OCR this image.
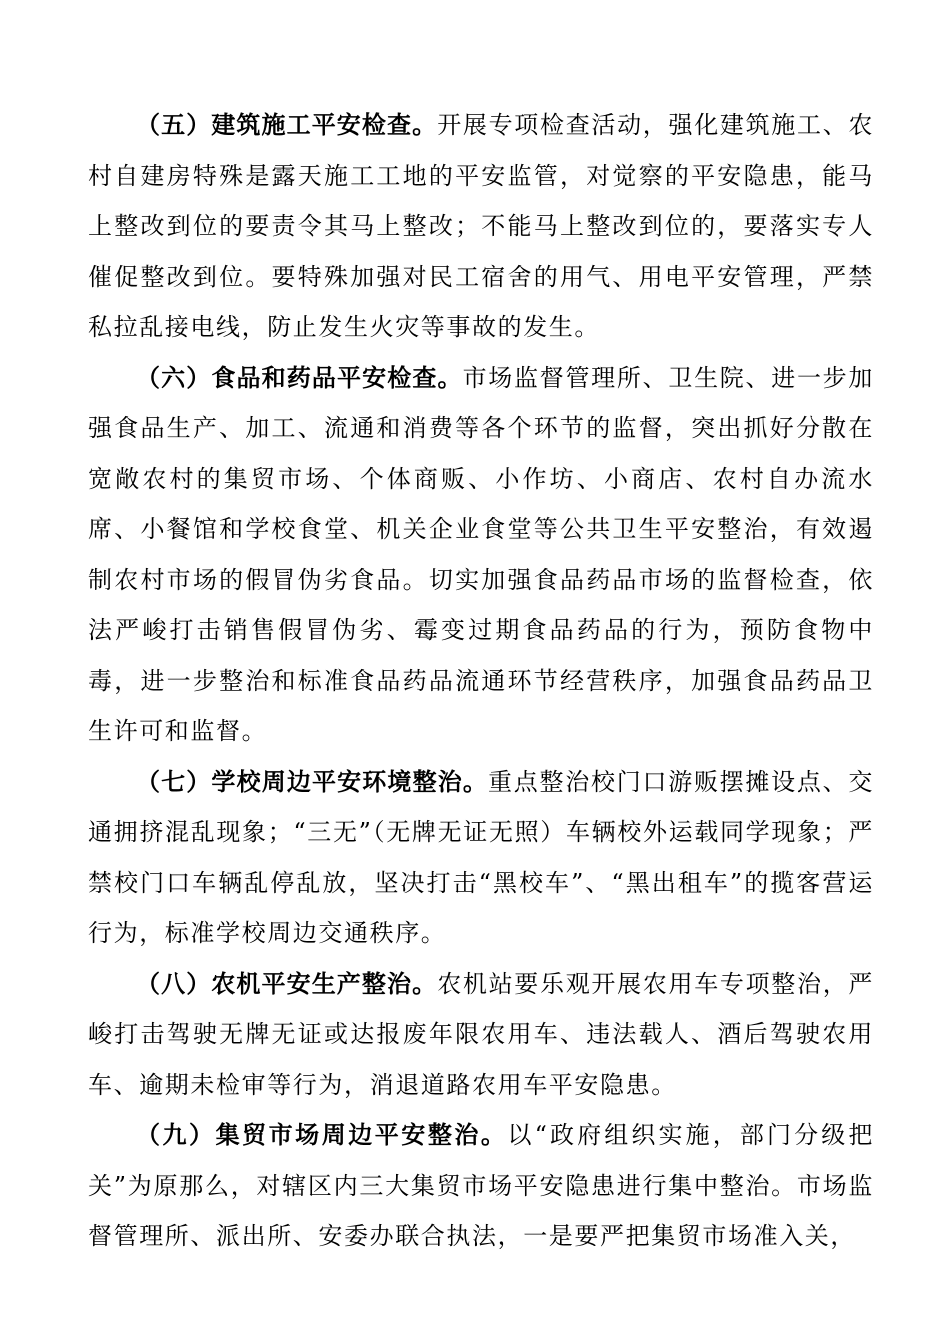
（五）建筑施工平安检查。开展专项检查活动，强化建筑施工、农村自建房特殊是露天施工工地的平安监管，对觉察的平安隐患，能马上整改到位的要责令其马上整改；不能马上整改到位的，要落实专人催促整改到位。要特殊加强对民工宿舍的用气、用电平安管理，严禁私拉乱接电线，防止发生火灾等事故的发生。

（六）食品和药品平安检查。市场监督管理所、卫生院、进一步加强食品生产、加工、流通和消费等各个环节的监督，突出抓好分散在宽敞农村的集贸市场、个体商贩、小作坊、小商店、农村自办流水席、小餐馆和学校食堂、机关企业食堂等公共卫生平安整治，有效遏制农村市场的假冒伪劣食品。切实加强食品药品市场的监督检查，依法严峻打击销售假冒伪劣、霉变过期食品药品的行为，预防食物中毒，进一步整治和标准食品药品流通环节经营秩序，加强食品药品卫生许可和监督。

（七）学校周边平安环境整治。重点整治校门口游贩摆摊设点、交通拥挤混乱现象；“三无”（无牌无证无照）车辆校外运载同学现象；严禁校门口车辆乱停乱放，坚决打击“黑校车”、“黑出租车”的揽客营运行为，标准学校周边交通秩序。

（八）农机平安生产整治。农机站要乐观开展农用车专项整治，严峻打击驾驶无牌无证或达报废年限农用车、违法载人、酒后驾驶农用车、逾期未检审等行为，消退道路农用车平安隐患。

（九）集贸市场周边平安整治。以“政府组织实施，部门分级把关”为原那么，对辖区内三大集贸市场平安隐患进行集中整治。市场监督管理所、派出所、安委办联合执法，一是要严把集贸市场准入关，
